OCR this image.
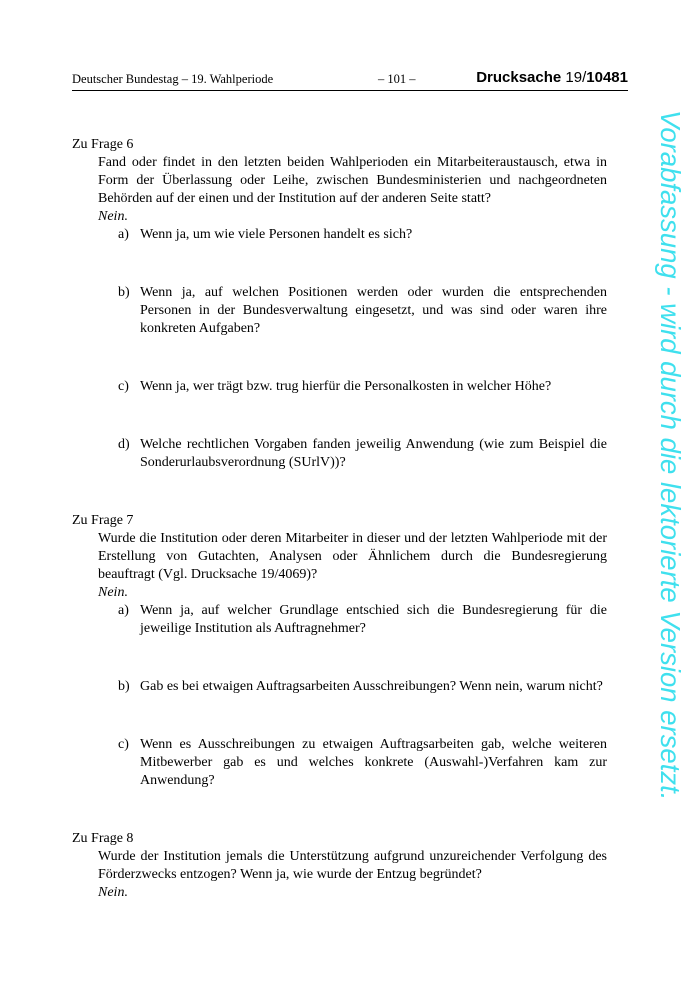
Deutscher Bundestag – 19. Wahlperiode	– 101 –	Drucksache 19/10481

Zu Frage 6

Fand oder findet in den letzten beiden Wahlperioden ein Mitarbeiteraustausch, etwa in Form der Überlassung oder Leihe, zwischen Bundesministerien und nachgeordneten Behörden auf der einen und der Institution auf der anderen Seite statt?

Nein.

a) Wenn ja, um wie viele Personen handelt es sich?
b) Wenn ja, auf welchen Positionen werden oder wurden die entsprechenden Personen in der Bundesverwaltung eingesetzt, und was sind oder waren ihre konkreten Aufgaben?
c) Wenn ja, wer trägt bzw. trug hierfür die Personalkosten in welcher Höhe?
d) Welche rechtlichen Vorgaben fanden jeweilig Anwendung (wie zum Beispiel die Sonderurlaubsverordnung (SUrlV))?

Zu Frage 7

Wurde die Institution oder deren Mitarbeiter in dieser und der letzten Wahlperiode mit der Erstellung von Gutachten, Analysen oder Ähnlichem durch die Bundesregierung beauftragt (Vgl. Drucksache 19/4069)?

Nein.

a) Wenn ja, auf welcher Grundlage entschied sich die Bundesregierung für die jeweilige Institution als Auftragnehmer?
b) Gab es bei etwaigen Auftragsarbeiten Ausschreibungen? Wenn nein, warum nicht?
c) Wenn es Ausschreibungen zu etwaigen Auftragsarbeiten gab, welche weiteren Mitbewerber gab es und welches konkrete (Auswahl-)Verfahren kam zur Anwendung?

Zu Frage 8

Wurde der Institution jemals die Unterstützung aufgrund unzureichender Verfolgung des Förderzwecks entzogen? Wenn ja, wie wurde der Entzug begründet?

Nein.

Vorabfassung - wird durch die lektorierte Version ersetzt.
